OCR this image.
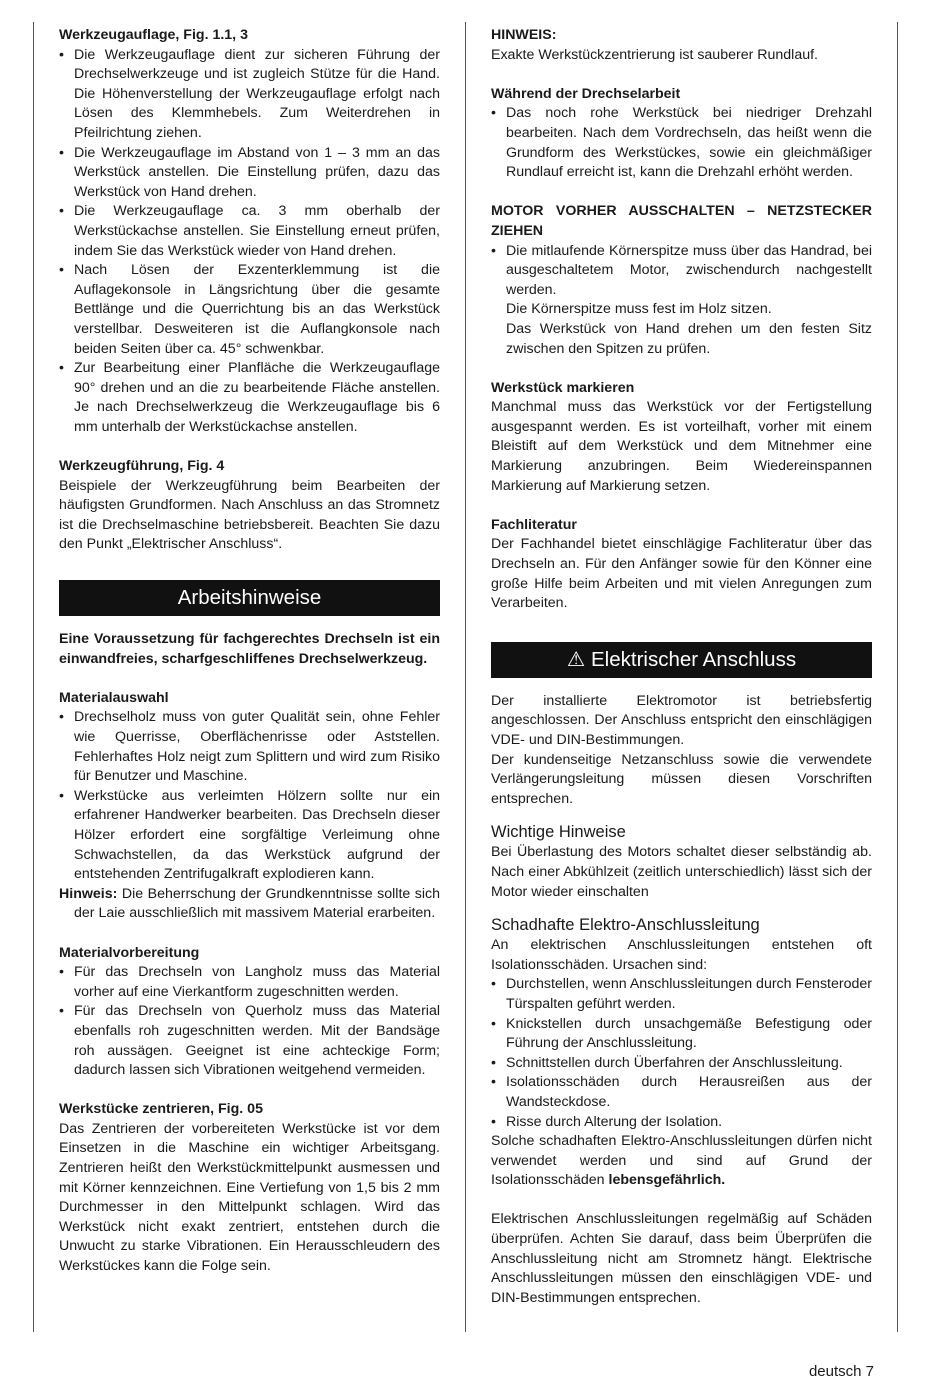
Werkzeugauflage, Fig. 1.1, 3
• Die Werkzeugauflage dient zur sicheren Führung der Drechselwerkzeuge und ist zugleich Stütze für die Hand. Die Höhenverstellung der Werkzeugauflage erfolgt nach Lösen des Klemmhebels. Zum Weiterdrehen in Pfeilrichtung ziehen.
• Die Werkzeugauflage im Abstand von 1 – 3 mm an das Werkstück anstellen. Die Einstellung prüfen, dazu das Werkstück von Hand drehen.
• Die Werkzeugauflage ca. 3 mm oberhalb der Werkstückachse anstellen. Sie Einstellung erneut prüfen, indem Sie das Werkstück wieder von Hand drehen.
• Nach Lösen der Exzenterklemmung ist die Auflagekonsole in Längsrichtung über die gesamte Bettlänge und die Querrichtung bis an das Werkstück verstellbar. Desweiteren ist die Auflangkonsole nach beiden Seiten über ca. 45° schwenkbar.
• Zur Bearbeitung einer Planfläche die Werkzeugauflage 90° drehen und an die zu bearbeitende Fläche anstellen. Je nach Drechselwerkzeug die Werkzeugauflage bis 6 mm unterhalb der Werkstückachse anstellen.
Werkzeugführung, Fig. 4
Beispiele der Werkzeugführung beim Bearbeiten der häufigsten Grundformen. Nach Anschluss an das Stromnetz ist die Drechselmaschine betriebsbereit. Beachten Sie dazu den Punkt „Elektrischer Anschluss“.
Arbeitshinweise
Eine Voraussetzung für fachgerechtes Drechseln ist ein einwandfreies, scharfgeschliffenes Drechselwerkzeug.
Materialauswahl
• Drechselholz muss von guter Qualität sein, ohne Fehler wie Querrisse, Oberflächenrisse oder Aststellen. Fehlerhaftes Holz neigt zum Splittern und wird zum Risiko für Benutzer und Maschine.
• Werkstücke aus verleimten Hölzern sollte nur ein erfahrener Handwerker bearbeiten. Das Drechseln dieser Hölzer erfordert eine sorgfältige Verleimung ohne Schwachstellen, da das Werkstück aufgrund der entstehenden Zentrifugalkraft explodieren kann.
Hinweis: Die Beherrschung der Grundkenntnisse sollte sich der Laie ausschließlich mit massivem Material erarbeiten.
Materialvorbereitung
• Für das Drechseln von Langholz muss das Material vorher auf eine Vierkantform zugeschnitten werden.
• Für das Drechseln von Querholz muss das Material ebenfalls roh zugeschnitten werden. Mit der Bandsäge roh aussägen. Geeignet ist eine achteckige Form; dadurch lassen sich Vibrationen weitgehend vermeiden.
Werkstücke zentrieren, Fig. 05
Das Zentrieren der vorbereiteten Werkstücke ist vor dem Einsetzen in die Maschine ein wichtiger Arbeitsgang. Zentrieren heißt den Werkstückmittelpunkt ausmessen und mit Körner kennzeichnen. Eine Vertiefung von 1,5 bis 2 mm Durchmesser in den Mittelpunkt schlagen. Wird das Werkstück nicht exakt zentriert, entstehen durch die Unwucht zu starke Vibrationen. Ein Herausschleudern des Werkstückes kann die Folge sein.
HINWEIS:
Exakte Werkstückzentrierung ist sauberer Rundlauf.
Während der Drechselarbeit
• Das noch rohe Werkstück bei niedriger Drehzahl bearbeiten. Nach dem Vordrechseln, das heißt wenn die Grundform des Werkstückes, sowie ein gleichmäßiger Rundlauf erreicht ist, kann die Drehzahl erhöht werden.
MOTOR VORHER AUSSCHALTEN – NETZSTECKER ZIEHEN
• Die mitlaufende Körnerspitze muss über das Handrad, bei ausgeschaltetem Motor, zwischendurch nachgestellt werden.
Die Körnerspitze muss fest im Holz sitzen.
Das Werkstück von Hand drehen um den festen Sitz zwischen den Spitzen zu prüfen.
Werkstück markieren
Manchmal muss das Werkstück vor der Fertigstellung ausgespannt werden. Es ist vorteilhaft, vorher mit einem Bleistift auf dem Werkstück und dem Mitnehmer eine Markierung anzubringen. Beim Wiedereinspannen Markierung auf Markierung setzen.
Fachliteratur
Der Fachhandel bietet einschlägige Fachliteratur über das Drechseln an. Für den Anfänger sowie für den Könner eine große Hilfe beim Arbeiten und mit vielen Anregungen zum Verarbeiten.
⚠ Elektrischer Anschluss
Der installierte Elektromotor ist betriebsfertig angeschlossen. Der Anschluss entspricht den einschlägigen VDE- und DIN-Bestimmungen.
Der kundenseitige Netzanschluss sowie die verwendete Verlängerungsleitung müssen diesen Vorschriften entsprechen.
Wichtige Hinweise
Bei Überlastung des Motors schaltet dieser selbständig ab. Nach einer Abkühlzeit (zeitlich unterschiedlich) lässt sich der Motor wieder einschalten
Schadhafte Elektro-Anschlussleitung
An elektrischen Anschlussleitungen entstehen oft Isolationsschäden. Ursachen sind:
• Durchstellen, wenn Anschlussleitungen durch Fensteroder Türspalten geführt werden.
• Knickstellen durch unsachgemäße Befestigung oder Führung der Anschlussleitung.
• Schnittstellen durch Überfahren der Anschlussleitung.
• Isolationsschäden durch Herausreißen aus der Wandsteckdose.
• Risse durch Alterung der Isolation.
Solche schadhaften Elektro-Anschlussleitungen dürfen nicht verwendet werden und sind auf Grund der Isolationsschäden lebensgefährlich.
Elektrischen Anschlussleitungen regelmäßig auf Schäden überprüfen. Achten Sie darauf, dass beim Überprüfen die Anschlussleitung nicht am Stromnetz hängt. Elektrische Anschlussleitungen müssen den einschlägigen VDE- und DIN-Bestimmungen entsprechen.
deutsch 7
